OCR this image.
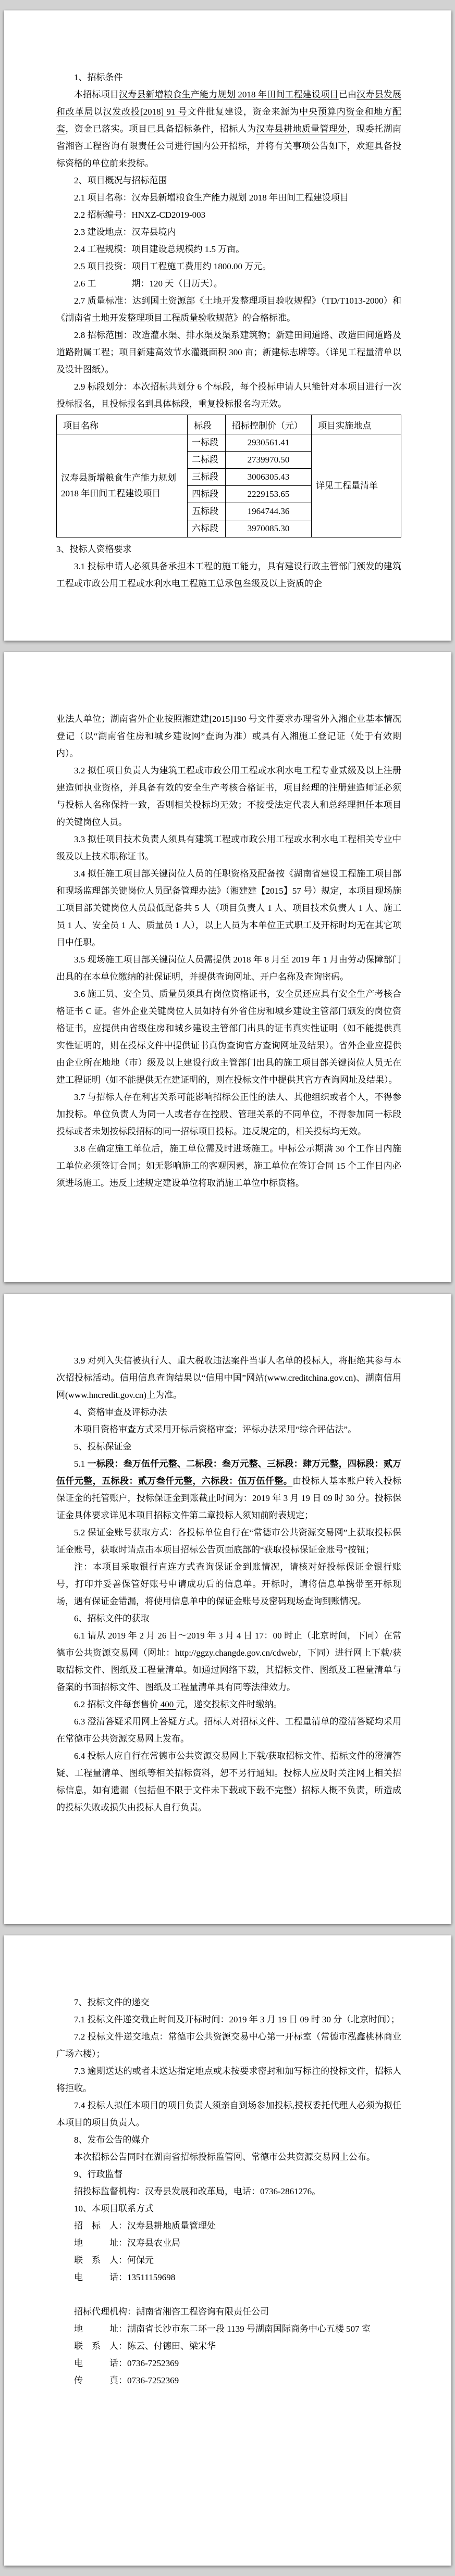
1、招标条件

本招标项目汉寿县新增粮食生产能力规划 2018 年田间工程建设项目已由汉寿县发展和改革局以汉发改投[2018] 91 号文件批复建设，资金来源为中央预算内资金和地方配套，资金已落实。项目已具备招标条件，招标人为汉寿县耕地质量管理处，现委托湖南省湘咨工程咨询有限责任公司进行国内公开招标，并将有关事项公告如下，欢迎具备投标资格的单位前来投标。

2、项目概况与招标范围

2.1 项目名称：汉寿县新增粮食生产能力规划 2018 年田间工程建设项目

2.2 招标编号：HNXZ-CD2019-003

2.3 建设地点：汉寿县境内

2.4 工程规模：项目建设总规模约 1.5 万亩。

2.5 项目投资：项目工程施工费用约 1800.00 万元。

2.6 工　　　　期：120 天（日历天）。

2.7 质量标准：达到国土资源部《土地开发整理项目验收规程》（TD/T1013-2000）和《湖南省土地开发整理项目工程质量验收规范》的合格标准。

2.8 招标范围：改造灌水渠、排水渠及渠系建筑物；新建田间道路、改造田间道路及道路附属工程；项目新建高效节水灌溉面积 300 亩；新建标志牌等。（详见工程量清单以及设计图纸）。

2.9 标段划分：本次招标共划分 6 个标段，每个投标申请人只能针对本项目进行一次投标报名，且投标报名到具体标段，重复投标报名均无效。

项目名称	标段	招标控制价（元）	项目实施地点
汉寿县新增粮食生产能力规划 2018 年田间工程建设项目	一标段	2930561.41	详见工程量清单
	二标段	2739970.50	
	三标段	3006305.43	
	四标段	2229153.65	
	五标段	1964744.36	
	六标段	3970085.30	

3、投标人资格要求

3.1 投标申请人必须具备承担本工程的施工能力，具有建设行政主管部门颁发的建筑工程或市政公用工程或水利水电工程施工总承包叁级及以上资质的企

业法人单位；湖南省外企业按照湘建建[2015]190 号文件要求办理省外入湘企业基本情况登记（以“湖南省住房和城乡建设网”查询为准）或具有入湘施工登记证（处于有效期内）。

3.2 拟任项目负责人为建筑工程或市政公用工程或水利水电工程专业贰级及以上注册建造师执业资格，并具备有效的安全生产考核合格证书，项目经理的注册建造师证必须与投标人名称保持一致，否则相关投标均无效；不接受法定代表人和总经理担任本项目的关键岗位人员。

3.3 拟任项目技术负责人须具有建筑工程或市政公用工程或水利水电工程相关专业中级及以上技术职称证书。

3.4 拟任施工项目部关键岗位人员的任职资格及配备按《湖南省建设工程施工项目部和现场监理部关键岗位人员配备管理办法》（湘建建【2015】57 号）规定，本项目现场施工项目部关键岗位人员最低配备共 5 人（项目负责人 1 人、项目技术负责人 1 人、施工员 1 人、安全员 1 人、质量员 1 人），以上人员为本单位正式职工及开标时均无在其它项目中任职。

3.5 现场施工项目部关键岗位人员需提供 2018 年 8 月至 2019 年 1 月由劳动保障部门出具的在本单位缴纳的社保证明，并提供查询网址、开户名称及查询密码。

3.6 施工员、安全员、质量员须具有岗位资格证书，安全员还应具有安全生产考核合格证书 C 证。省外企业关键岗位人员如持有外省住房和城乡建设主管部门颁发的岗位资格证书，应提供由省级住房和城乡建设主管部门出具的证书真实性证明（如不能提供真实性证明的，则在投标文件中提供证书真伪查询官方查询网址及结果）。省外企业应提供由企业所在地地（市）级及以上建设行政主管部门出具的施工项目部关键岗位人员无在建工程证明（如不能提供无在建证明的，则在投标文件中提供其官方查询网址及结果）。

3.7 与招标人存在利害关系可能影响招标公正性的法人、其他组织或者个人，不得参加投标。单位负责人为同一人或者存在控股、管理关系的不同单位，不得参加同一标段投标或者未划按标段招标的同一招标项目投标。违反规定的，相关投标均无效。

3.8 在确定施工单位后，施工单位需及时进场施工。中标公示期满 30 个工作日内施工单位必须签订合同；如无影响施工的客观因素，施工单位在签订合同 15 个工作日内必须进场施工。违反上述规定建设单位将取消施工单位中标资格。

3.9 对列入失信被执行人、重大税收违法案件当事人名单的投标人，将拒绝其参与本次招投标活动。信用信息查询结果以“信用中国”网站(www.creditchina.gov.cn)、湖南信用网(www.hncredit.gov.cn)上为准。

4、资格审查及评标办法

本项目资格审查方式采用开标后资格审查；评标办法采用“综合评估法”。

5、投标保证金

5.1 一标段：叁万伍仟元整、二标段：叁万元整、三标段：肆万元整，四标段：贰万伍仟元整，五标段：贰万叁仟元整，六标段：伍万伍仟整。由投标人基本账户转入投标保证金的托管账户，投标保证金到账截止时间为：2019 年 3 月 19 日 09 时 30 分。投标保证金具体要求详见本项目招标文件第二章投标人须知前附表规定；

5.2 保证金账号获取方式：各投标单位自行在“常德市公共资源交易网”上获取投标保证金账号，获取时请点击本项目招标公告页面底部的“获取投标保证金账号”按钮；

注：本项目采取银行直连方式查询保证金到账情况，请核对好投标保证金银行账号，打印并妥善保管好账号申请成功后的信息单。开标时，请将信息单携带至开标现场，遇有保证金错漏，将使用信息单中的保证金账号及密码现场查询到账情况。

6、招标文件的获取

6.1 请从 2019 年 2 月 26 日～2019 年 3 月 4 日 17：00 时止（北京时间，下同）在常德市公共资源交易网（网址：http://ggzy.changde.gov.cn/cdweb/，下同）进行网上下载/获取招标文件、图纸及工程量清单。如通过网络下载，其招标文件、图纸及工程量清单与备案的书面招标文件、图纸及工程量清单具有同等法律效力。

6.2 招标文件每套售价 400 元，递交投标文件时缴纳。

6.3 澄清答疑采用网上答疑方式。招标人对招标文件、工程量清单的澄清答疑均采用在常德市公共资源交易网上发布。

6.4 投标人应自行在常德市公共资源交易网上下载/获取招标文件、招标文件的澄清答疑、工程量清单、图纸等相关招标资料，恕不另行通知。投标人应及时关注网上相关招标信息，如有遗漏（包括但不限于文件未下载或下载不完整）招标人概不负责，所造成的投标失败或损失由投标人自行负责。

7、投标文件的递交

7.1 投标文件递交截止时间及开标时间：2019 年 3 月 19 日 09 时 30 分（北京时间）；

7.2 投标文件递交地点：常德市公共资源交易中心第一开标室（常德市泓鑫桃林商业广场六楼）；

7.3 逾期送达的或者未送达指定地点或未按要求密封和加写标注的投标文件，招标人将拒收。

7.4 投标人拟任本项目的项目负责人须亲自到场参加投标,授权委托代理人必须为拟任本项目的项目负责人。

8、发布公告的媒介

本次招标公告同时在湖南省招标投标监管网、常德市公共资源交易网上公布。

9、行政监督

招投标监督机构：汉寿县发展和改革局，电话：0736-2861276。

10、本项目联系方式

招　标　人：汉寿县耕地质量管理处

地　　　址：汉寿县农业局

联　系　人：何保元

电　　　话：13511159698

招标代理机构：湖南省湘咨工程咨询有限责任公司

地　　　址：湖南省长沙市东二环一段 1139 号湖南国际商务中心五楼 507 室

联　系　人：陈云、付德田、梁宋华

电　　　话：0736-7252369

传　　　真：0736-7252369
